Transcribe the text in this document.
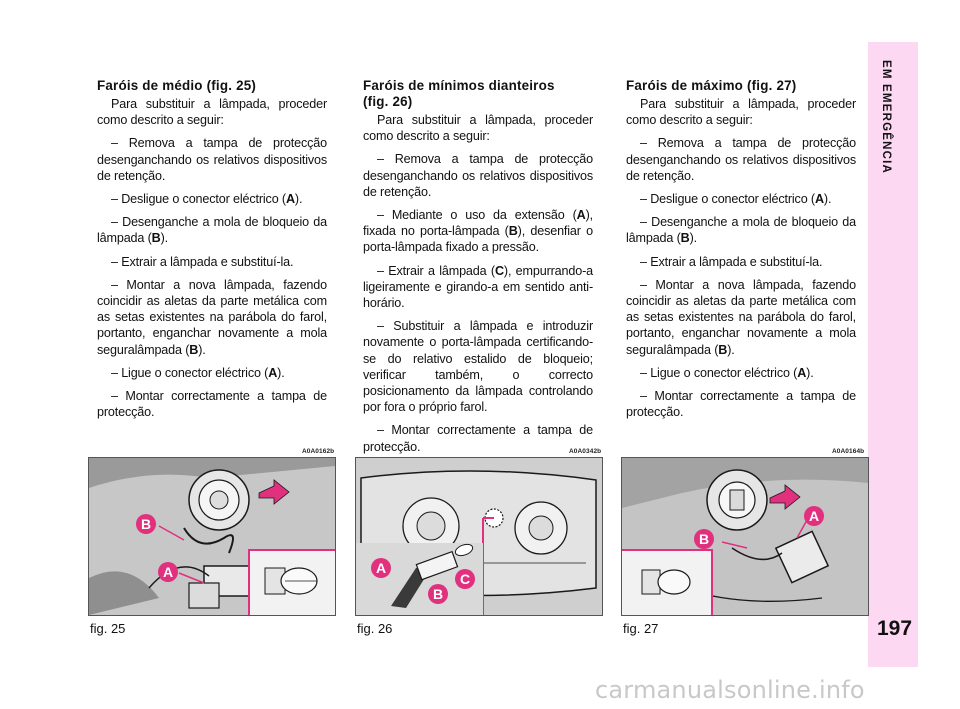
EM EMERGÊNCIA
197
Faróis de médio (fig. 25)

Para substituir a lâmpada, proceder como descrito a seguir:

– Remova a tampa de protecção desenganchando os relativos dispositivos de retenção.

– Desligue o conector eléctrico (A).

– Desenganche a mola de bloqueio da lâmpada (B).

– Extrair a lâmpada e substituí-la.

– Montar a nova lâmpada, fazendo coincidir as aletas da parte metálica com as setas existentes na parábola do farol, portanto, enganchar novamente a mola seguralâmpada (B).

– Ligue o conector eléctrico (A).

– Montar correctamente a tampa de protecção.

Faróis de mínimos dianteiros (fig. 26)

Para substituir a lâmpada, proceder como descrito a seguir:

– Remova a tampa de protecção desenganchando os relativos dispositivos de retenção.

– Mediante o uso da extensão (A), fixada no porta-lâmpada (B), desenfiar o porta-lâmpada fixado a pressão.

– Extrair a lâmpada (C), empurrando-a ligeiramente e girando-a em sentido anti-horário.

– Substituir a lâmpada e introduzir novamente o porta-lâmpada certificando-se do relativo estalido de bloqueio; verificar também, o correcto posicionamento da lâmpada controlando por fora o próprio farol.

– Montar correctamente a tampa de protecção.

Faróis de máximo (fig. 27)

Para substituir a lâmpada, proceder como descrito a seguir:

– Remova a tampa de protecção desenganchando os relativos dispositivos de retenção.

– Desligue o conector eléctrico (A).

– Desenganche a mola de bloqueio da lâmpada (B).

– Extrair a lâmpada e substituí-la.

– Montar a nova lâmpada, fazendo coincidir as aletas da parte metálica com as setas existentes na parábola do farol, portanto, enganchar novamente a mola seguralâmpada (B).

– Ligue o conector eléctrico (A).

– Montar correctamente a tampa de protecção.

A0A0162b	A0A0342b	A0A0164b
B
A	A
B
C
A
B
fig. 25	fig. 26	fig. 27
carmanualsonline.info
